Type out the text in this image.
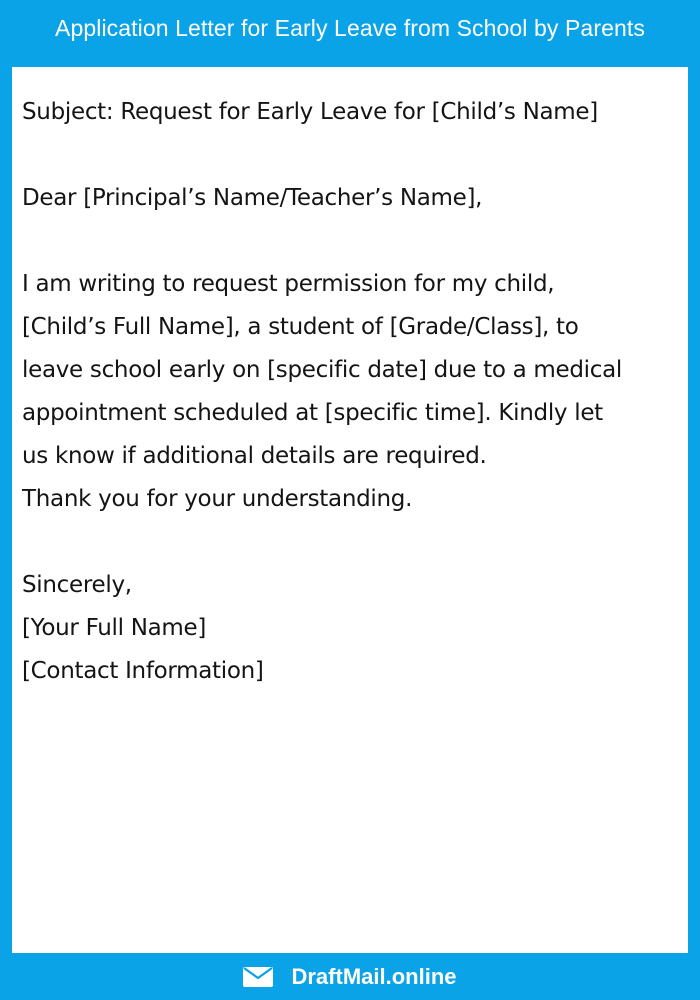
Application Letter for Early Leave from School by Parents
Subject: Request for Early Leave for [Child’s Name]
Dear [Principal’s Name/Teacher’s Name],
I am writing to request permission for my child,
[Child’s Full Name], a student of [Grade/Class], to
leave school early on [specific date] due to a medical
appointment scheduled at [specific time]. Kindly let
us know if additional details are required.
Thank you for your understanding.
Sincerely,
[Your Full Name]
[Contact Information]
DraftMail.online
